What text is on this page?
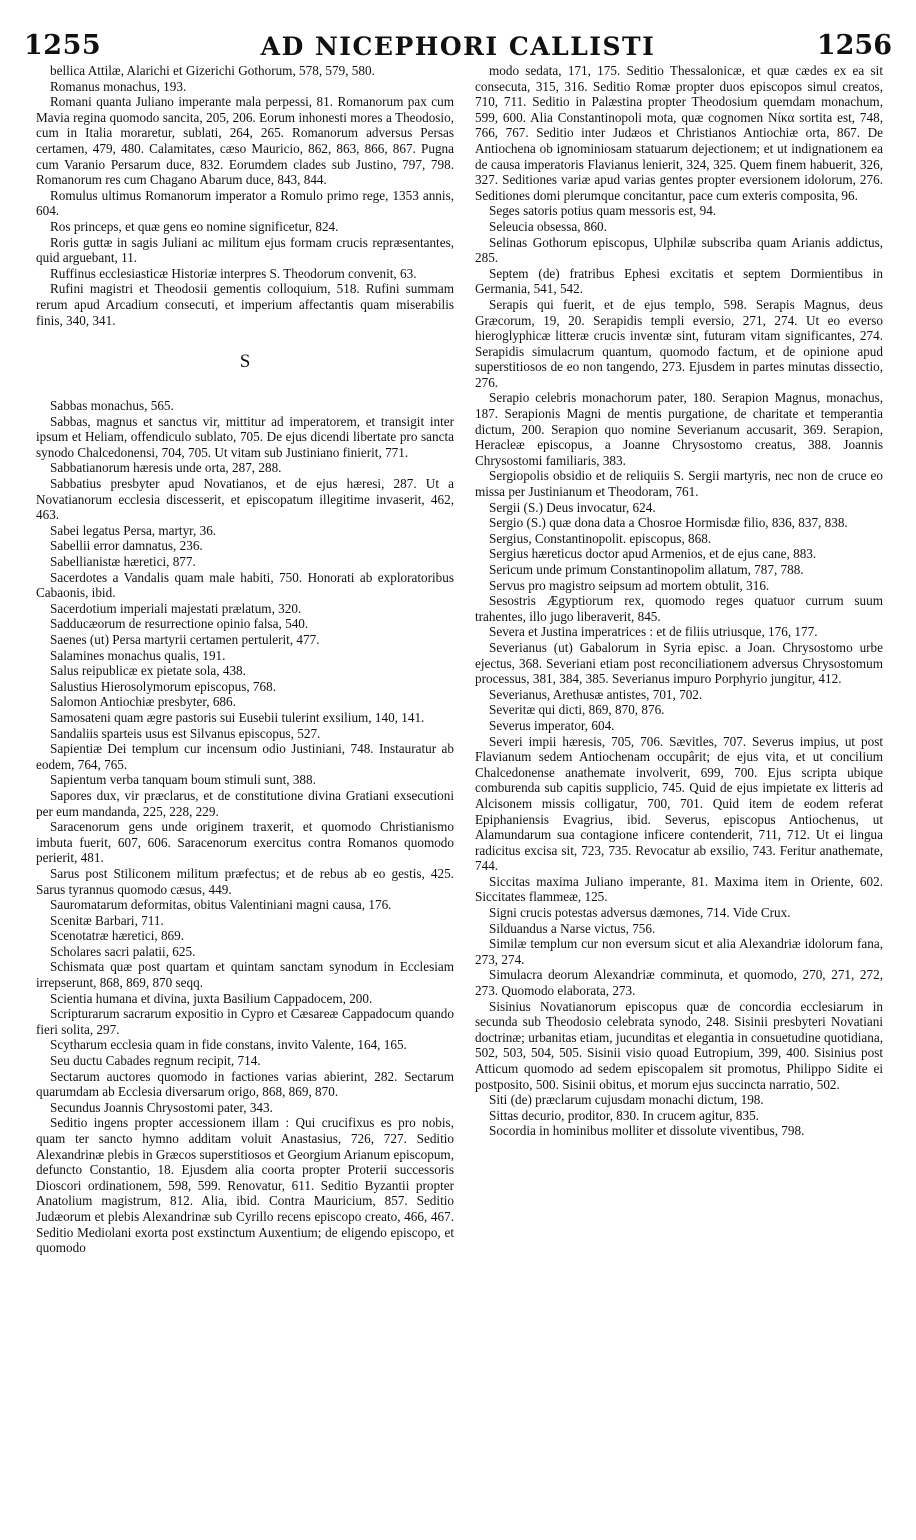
1255	AD NICEPHORI CALLISTI	1256

bellica Attilæ, Alarichi et Gizerichi Gothorum, 578, 579, 580.

Romanus monachus, 193.

Romani quanta Juliano imperante mala perpessi, 81. Romanorum pax cum Mavia regina quomodo sancita, 205, 206. Eorum inhonesti mores a Theodosio, cum in Italia moraretur, sublati, 264, 265. Romanorum adversus Persas certamen, 479, 480. Calamitates, cæso Mauricio, 862, 863, 866, 867. Pugna cum Varanio Persarum duce, 832. Eorumdem clades sub Justino, 797, 798. Romanorum res cum Chagano Abarum duce, 843, 844.

Romulus ultimus Romanorum imperator a Romulo primo rege, 1353 annis, 604.

Ros princeps, et quæ gens eo nomine significetur, 824.

Roris guttæ in sagis Juliani ac militum ejus formam crucis repræsentantes, quid arguebant, 11.

Ruffinus ecclesiasticæ Historiæ interpres S. Theodorum convenit, 63.

Rufini magistri et Theodosii gementis colloquium, 518. Rufini summam rerum apud Arcadium consecuti, et imperium affectantis quam miserabilis finis, 340, 341.

S

Sabbas monachus, 565.

Sabbas, magnus et sanctus vir, mittitur ad imperatorem, et transigit inter ipsum et Heliam, offendiculo sublato, 705. De ejus dicendi libertate pro sancta synodo Chalcedonensi, 704, 705. Ut vitam sub Justiniano finierit, 771.

Sabbatianorum hæresis unde orta, 287, 288.

Sabbatius presbyter apud Novatianos, et de ejus hæresi, 287. Ut a Novatianorum ecclesia discesserit, et episcopatum illegitime invaserit, 462, 463.

Sabei legatus Persa, martyr, 36.

Sabellii error damnatus, 236.

Sabellianistæ hæretici, 877.

Sacerdotes a Vandalis quam male habiti, 750. Honorati ab exploratoribus Cabaonis, ibid.

Sacerdotium imperiali majestati prælatum, 320.

Sadducæorum de resurrectione opinio falsa, 540.

Saenes (ut) Persa martyrii certamen pertulerit, 477.

Salamines monachus qualis, 191.

Salus reipublicæ ex pietate sola, 438.

Salustius Hierosolymorum episcopus, 768.

Salomon Antiochiæ presbyter, 686.

Samosateni quam ægre pastoris sui Eusebii tulerint exsilium, 140, 141.

Sandaliis sparteis usus est Silvanus episcopus, 527.

Sapientiæ Dei templum cur incensum odio Justiniani, 748. Instauratur ab eodem, 764, 765.

Sapientum verba tanquam boum stimuli sunt, 388.

Sapores dux, vir præclarus, et de constitutione divina Gratiani exsecutioni per eum mandanda, 225, 228, 229.

Saracenorum gens unde originem traxerit, et quomodo Christianismo imbuta fuerit, 607, 606. Saracenorum exercitus contra Romanos quomodo perierit, 481.

Sarus post Stiliconem militum præfectus; et de rebus ab eo gestis, 425. Sarus tyrannus quomodo cæsus, 449.

Sauromatarum deformitas, obitus Valentiniani magni causa, 176.

Scenitæ Barbari, 711.

Scenotatræ hæretici, 869.

Scholares sacri palatii, 625.

Schismata quæ post quartam et quintam sanctam synodum in Ecclesiam irrepserunt, 868, 869, 870 seqq.

Scientia humana et divina, juxta Basilium Cappadocem, 200.

Scripturarum sacrarum expositio in Cypro et Cæsareæ Cappadocum quando fieri solita, 297.

Scytharum ecclesia quam in fide constans, invito Valente, 164, 165.

Seu ductu Cabades regnum recipit, 714.

Sectarum auctores quomodo in factiones varias abierint, 282. Sectarum quarumdam ab Ecclesia diversarum origo, 868, 869, 870.

Secundus Joannis Chrysostomi pater, 343.

Seditio ingens propter accessionem illam : Qui crucifixus es pro nobis, quam ter sancto hymno additam voluit Anastasius, 726, 727. Seditio Alexandrinæ plebis in Græcos superstitiosos et Georgium Arianum episcopum, defuncto Constantio, 18. Ejusdem alia coorta propter Proterii successoris Dioscori ordinationem, 598, 599. Renovatur, 611. Seditio Byzantii propter Anatolium magistrum, 812. Alia, ibid. Contra Mauricium, 857. Seditio Judæorum et plebis Alexandrinæ sub Cyrillo recens episcopo creato, 466, 467. Seditio Mediolani exorta post exstinctum Auxentium; de eligendo episcopo, et quomodo

modo sedata, 171, 175. Seditio Thessalonicæ, et quæ cædes ex ea sit consecuta, 315, 316. Seditio Romæ propter duos episcopos simul creatos, 710, 711. Seditio in Palæstina propter Theodosium quemdam monachum, 599, 600. Alia Constantinopoli mota, quæ cognomen Νίκα sortita est, 748, 766, 767. Seditio inter Judæos et Christianos Antiochiæ orta, 867. De Antiochena ob ignominiosam statuarum dejectionem; et ut indignationem ea de causa imperatoris Flavianus lenierit, 324, 325. Quem finem habuerit, 326, 327. Seditiones variæ apud varias gentes propter eversionem idolorum, 276. Seditiones domi plerumque concitantur, pace cum exteris composita, 96.

Seges satoris potius quam messoris est, 94.

Seleucia obsessa, 860.

Selinas Gothorum episcopus, Ulphilæ subscriba quam Arianis addictus, 285.

Septem (de) fratribus Ephesi excitatis et septem Dormientibus in Germania, 541, 542.

Serapis qui fuerit, et de ejus templo, 598. Serapis Magnus, deus Græcorum, 19, 20. Serapidis templi eversio, 271, 274. Ut eo everso hieroglyphicæ litteræ crucis inventæ sint, futuram vitam significantes, 274. Serapidis simulacrum quantum, quomodo factum, et de opinione apud superstitiosos de eo non tangendo, 273. Ejusdem in partes minutas dissectio, 276.

Serapio celebris monachorum pater, 180. Serapion Magnus, monachus, 187. Serapionis Magni de mentis purgatione, de charitate et temperantia dictum, 200. Serapion quo nomine Severianum accusarit, 369. Serapion, Heracleæ episcopus, a Joanne Chrysostomo creatus, 388. Joannis Chrysostomi familiaris, 383.

Sergiopolis obsidio et de reliquiis S. Sergii martyris, nec non de cruce eo missa per Justinianum et Theodoram, 761.

Sergii (S.) Deus invocatur, 624.

Sergio (S.) quæ dona data a Chosroe Hormisdæ filio, 836, 837, 838.

Sergius, Constantinopolit. episcopus, 868.

Sergius hæreticus doctor apud Armenios, et de ejus cane, 883.

Sericum unde primum Constantinopolim allatum, 787, 788.

Servus pro magistro seipsum ad mortem obtulit, 316.

Sesostris Ægyptiorum rex, quomodo reges quatuor currum suum trahentes, illo jugo liberaverit, 845.

Severa et Justina imperatrices : et de filiis utriusque, 176, 177.

Severianus (ut) Gabalorum in Syria episc. a Joan. Chrysostomo urbe ejectus, 368. Severiani etiam post reconciliationem adversus Chrysostomum processus, 381, 384, 385. Severianus impuro Porphyrio jungitur, 412.

Severianus, Arethusæ antistes, 701, 702.

Severitæ qui dicti, 869, 870, 876.

Severus imperator, 604.

Severi impii hæresis, 705, 706. Sævitles, 707. Severus impius, ut post Flavianum sedem Antiochenam occupârit; de ejus vita, et ut concilium Chalcedonense anathemate involverit, 699, 700. Ejus scripta ubique comburenda sub capitis supplicio, 745. Quid de ejus impietate ex litteris ad Alcisonem missis colligatur, 700, 701. Quid item de eodem referat Epiphaniensis Evagrius, ibid. Severus, episcopus Antiochenus, ut Alamundarum sua contagione inficere contenderit, 711, 712. Ut ei lingua radicitus excisa sit, 723, 735. Revocatur ab exsilio, 743. Feritur anathemate, 744.

Siccitas maxima Juliano imperante, 81. Maxima item in Oriente, 602. Siccitates flammeæ, 125.

Signi crucis potestas adversus dæmones, 714. Vide Crux.

Silduandus a Narse victus, 756.

Similæ templum cur non eversum sicut et alia Alexandriæ idolorum fana, 273, 274.

Simulacra deorum Alexandriæ comminuta, et quomodo, 270, 271, 272, 273. Quomodo elaborata, 273.

Sisinius Novatianorum episcopus quæ de concordia ecclesiarum in secunda sub Theodosio celebrata synodo, 248. Sisinii presbyteri Novatiani doctrinæ; urbanitas etiam, jucunditas et elegantia in consuetudine quotidiana, 502, 503, 504, 505. Sisinii visio quoad Eutropium, 399, 400. Sisinius post Atticum quomodo ad sedem episcopalem sit promotus, Philippo Sidite ei postposito, 500. Sisinii obitus, et morum ejus succincta narratio, 502.

Siti (de) præclarum cujusdam monachi dictum, 198.

Sittas decurio, proditor, 830. In crucem agitur, 835.

Socordia in hominibus molliter et dissolute viventibus, 798.
